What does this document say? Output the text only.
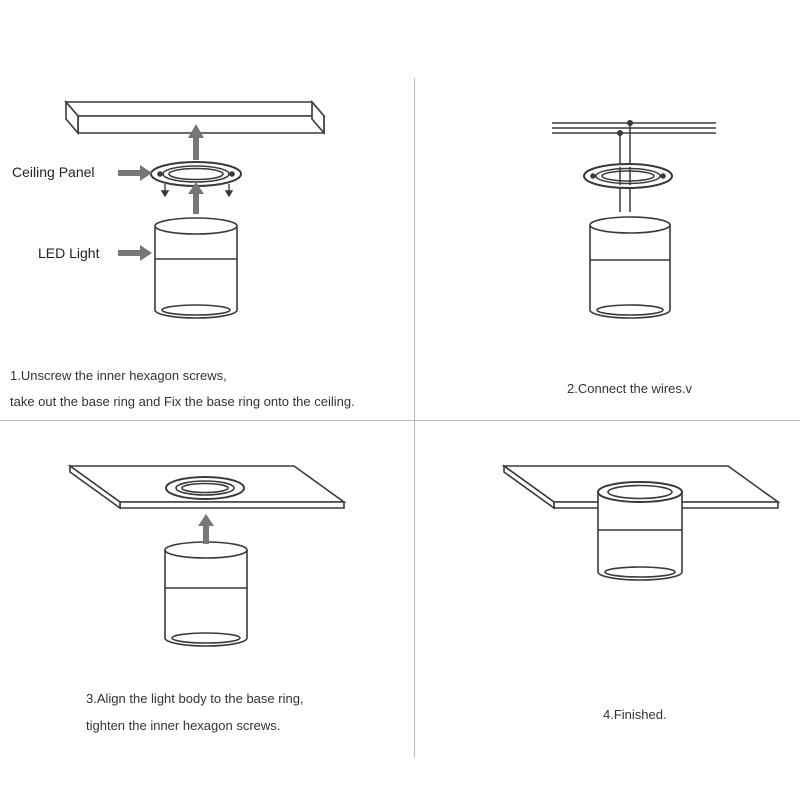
Ceiling Panel
LED Light
1.Unscrew the inner hexagon screws,
take out the base ring and Fix the base ring onto the ceiling.
2.Connect the wires.v
3.Align the light body to the base ring,
tighten the inner hexagon screws.
4.Finished.
